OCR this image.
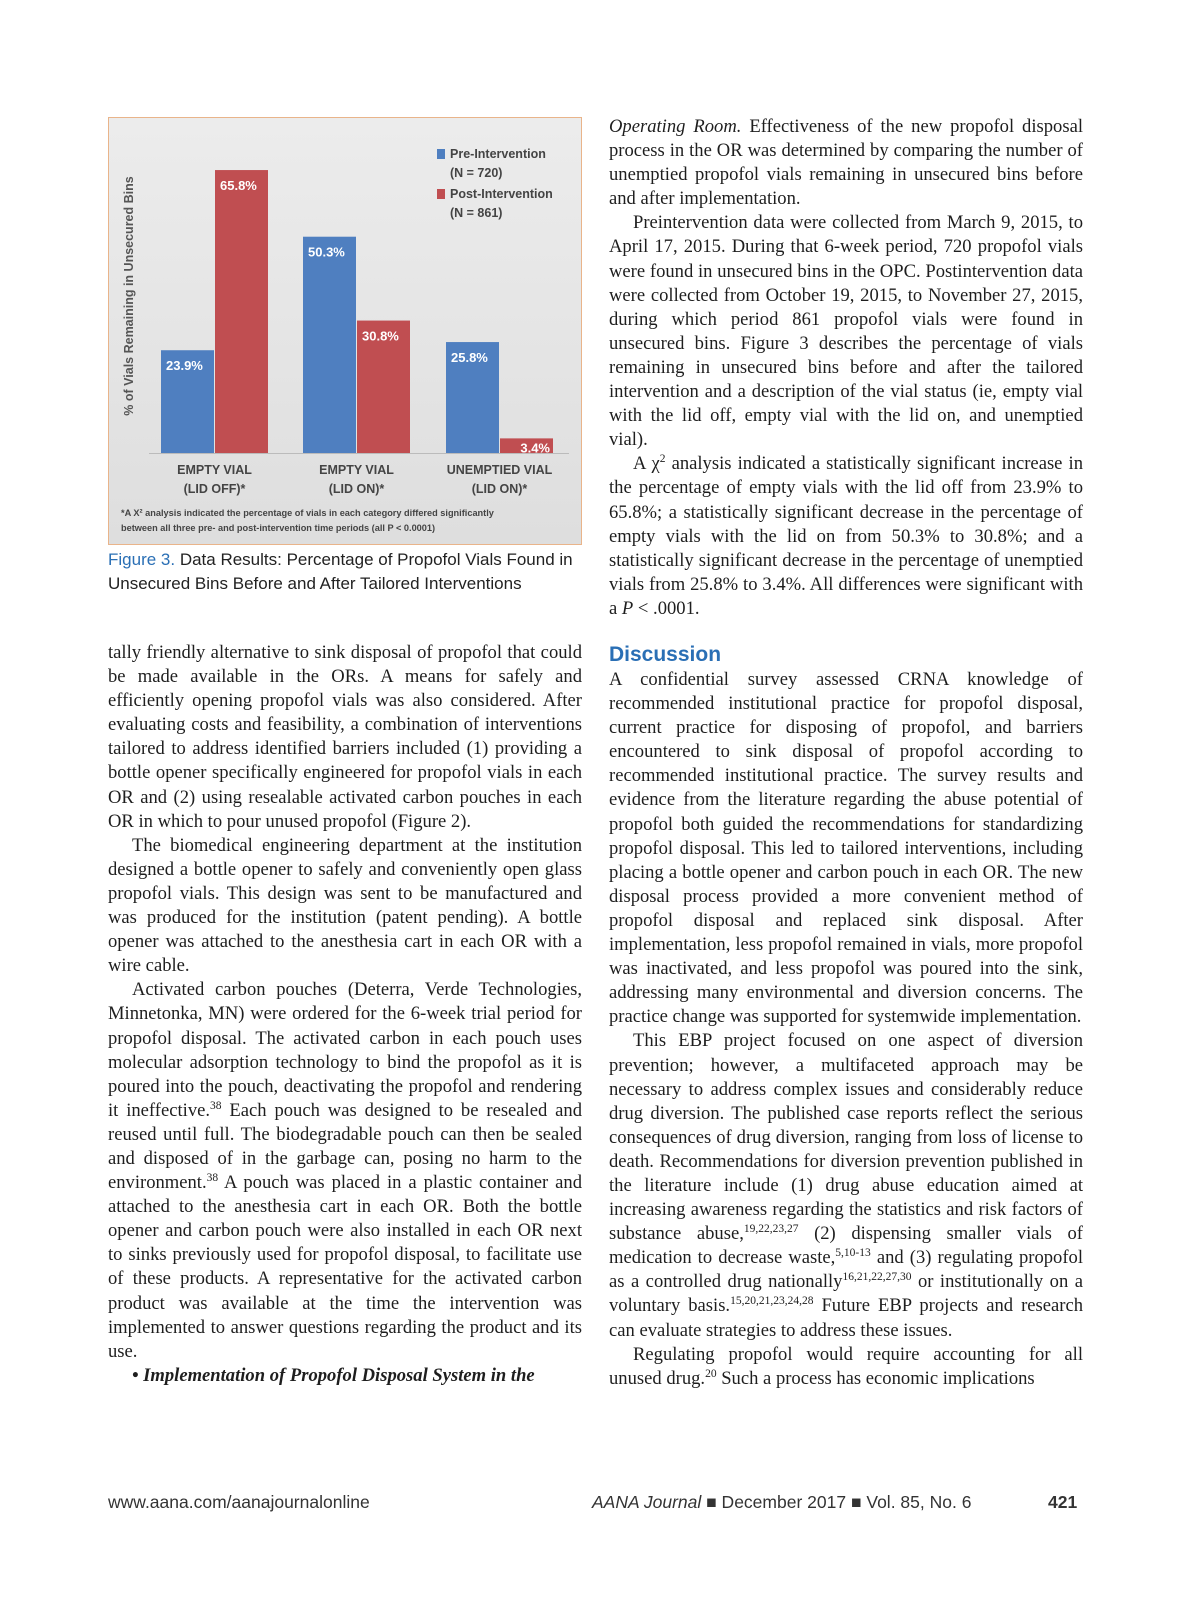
% of Vials Remaining in Unsecured Bins 23.9%
50.3%
25.8%
65.8%
30.8%
3.4%
Pre-Intervention
(N = 720)
Post-Intervention
(N = 861)
EMPTY VIAL
(LID OFF)*
EMPTY VIAL
(LID ON)*
UNEMPTIED VIAL
(LID ON)*
*A X² analysis indicated the percentage of vials in each category differed significantly
between all three pre- and post-intervention time periods (all P < 0.0001)
Figure 3. Data Results: Percentage of Propofol Vials Found in Unsecured Bins Before and After Tailored Interventions

Operating Room. Effectiveness of the new propofol disposal process in the OR was determined by comparing the number of unemptied propofol vials remaining in unsecured bins before and after implementation.

Preintervention data were collected from March 9, 2015, to April 17, 2015. During that 6-week period, 720 propofol vials were found in unsecured bins in the OPC. Postintervention data were collected from October 19, 2015, to November 27, 2015, during which period 861 propofol vials were found in unsecured bins. Figure 3 describes the percentage of vials remaining in unsecured bins before and after the tailored intervention and a description of the vial status (ie, empty vial with the lid off, empty vial with the lid on, and unemptied vial).

A $\chi^2$ analysis indicated a statistically significant increase in the percentage of empty vials with the lid off from 23.9% to 65.8%; a statistically significant decrease in the percentage of empty vials with the lid on from 50.3% to 30.8%; and a statistically significant decrease in the percentage of unemptied vials from 25.8% to 3.4%. All differences were significant with a P < .0001.

tally friendly alternative to sink disposal of propofol that could be made available in the ORs. A means for safely and efficiently opening propofol vials was also considered. After evaluating costs and feasibility, a combination of interventions tailored to address identified barriers included (1) providing a bottle opener specifically engineered for propofol vials in each OR and (2) using resealable activated carbon pouches in each OR in which to pour unused propofol (Figure 2).

The biomedical engineering department at the institution designed a bottle opener to safely and conveniently open glass propofol vials. This design was sent to be manufactured and was produced for the institution (patent pending). A bottle opener was attached to the anesthesia cart in each OR with a wire cable.

Activated carbon pouches (Deterra, Verde Technologies, Minnetonka, MN) were ordered for the 6-week trial period for propofol disposal. The activated carbon in each pouch uses molecular adsorption technology to bind the propofol as it is poured into the pouch, deactivating the propofol and rendering it ineffective.$^{38}$ Each pouch was designed to be resealed and reused until full. The biodegradable pouch can then be sealed and disposed of in the garbage can, posing no harm to the environment.$^{38}$ A pouch was placed in a plastic container and attached to the anesthesia cart in each OR. Both the bottle opener and carbon pouch were also installed in each OR next to sinks previously used for propofol disposal, to facilitate use of these products. A representative for the activated carbon product was available at the time the intervention was implemented to answer questions regarding the product and its use.

• Implementation of Propofol Disposal System in the

Discussion

A confidential survey assessed CRNA knowledge of recommended institutional practice for propofol disposal, current practice for disposing of propofol, and barriers encountered to sink disposal of propofol according to recommended institutional practice. The survey results and evidence from the literature regarding the abuse potential of propofol both guided the recommendations for standardizing propofol disposal. This led to tailored interventions, including placing a bottle opener and carbon pouch in each OR. The new disposal process provided a more convenient method of propofol disposal and replaced sink disposal. After implementation, less propofol remained in vials, more propofol was inactivated, and less propofol was poured into the sink, addressing many environmental and diversion concerns. The practice change was supported for systemwide implementation.

This EBP project focused on one aspect of diversion prevention; however, a multifaceted approach may be necessary to address complex issues and considerably reduce drug diversion. The published case reports reflect the serious consequences of drug diversion, ranging from loss of license to death. Recommendations for diversion prevention published in the literature include (1) drug abuse education aimed at increasing awareness regarding the statistics and risk factors of substance abuse,$^{19,22,23,27}$ (2) dispensing smaller vials of medication to decrease waste,$^{5,10-13}$ and (3) regulating propofol as a controlled drug nationally$^{16,21,22,27,30}$ or institutionally on a voluntary basis.$^{15,20,21,23,24,28}$ Future EBP projects and research can evaluate strategies to address these issues.

Regulating propofol would require accounting for all unused drug.$^{20}$ Such a process has economic implications

www.aana.com/aanajournalonline	AANA Journal ■ December 2017 ■ Vol. 85, No. 6	421
